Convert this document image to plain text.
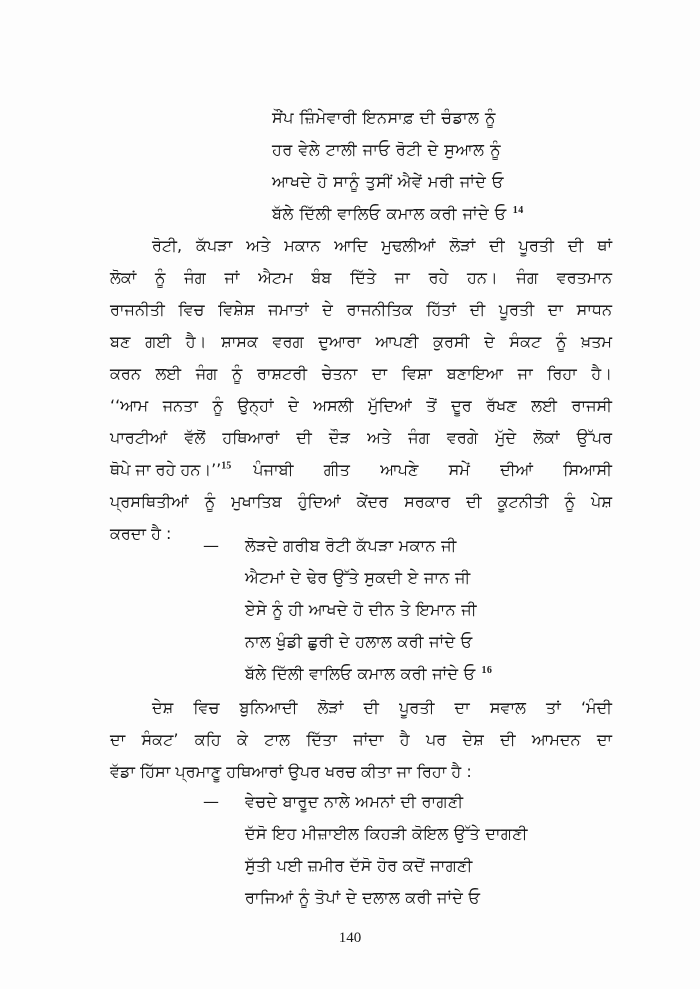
ਸੌਂਪ ਜ਼ਿੰਮੇਵਾਰੀ ਇਨਸਾਫ਼ ਦੀ ਚੰਡਾਲ ਨੂੰ
ਹਰ ਵੇਲੇ ਟਾਲੀ ਜਾਓ ਰੋਟੀ ਦੇ ਸੁਆਲ ਨੂੰ
ਆਖਦੇ ਹੋ ਸਾਨੂੰ ਤੁਸੀਂ ਐਵੇਂ ਮਰੀ ਜਾਂਦੇ ਓ
ਬੱਲੇ ਦਿੱਲੀ ਵਾਲਿਓ ਕਮਾਲ ਕਰੀ ਜਾਂਦੇ ਓ $^{14}$
ਰੋਟੀ, ਕੱਪੜਾ ਅਤੇ ਮਕਾਨ ਆਦਿ ਮੁਢਲੀਆਂ ਲੋੜਾਂ ਦੀ ਪੂਰਤੀ ਦੀ ਥਾਂ
ਲੋਕਾਂ ਨੂੰ ਜੰਗ ਜਾਂ ਐਟਮ ਬੰਬ ਦਿੱਤੇ ਜਾ ਰਹੇ ਹਨ। ਜੰਗ ਵਰਤਮਾਨ
ਰਾਜਨੀਤੀ ਵਿਚ ਵਿਸ਼ੇਸ਼ ਜਮਾਤਾਂ ਦੇ ਰਾਜਨੀਤਿਕ ਹਿੱਤਾਂ ਦੀ ਪੂਰਤੀ ਦਾ ਸਾਧਨ
ਬਣ ਗਈ ਹੈ। ਸ਼ਾਸਕ ਵਰਗ ਦੁਆਰਾ ਆਪਣੀ ਕੁਰਸੀ ਦੇ ਸੰਕਟ ਨੂੰ ਖ਼ਤਮ
ਕਰਨ ਲਈ ਜੰਗ ਨੂੰ ਰਾਸ਼ਟਰੀ ਚੇਤਨਾ ਦਾ ਵਿਸ਼ਾ ਬਣਾਇਆ ਜਾ ਰਿਹਾ ਹੈ।
‘‘ਆਮ ਜਨਤਾ ਨੂੰ ਉਨ੍ਹਾਂ ਦੇ ਅਸਲੀ ਮੁੱਦਿਆਂ ਤੋਂ ਦੂਰ ਰੱਖਣ ਲਈ ਰਾਜਸੀ
ਪਾਰਟੀਆਂ ਵੱਲੋਂ ਹਥਿਆਰਾਂ ਦੀ ਦੌੜ ਅਤੇ ਜੰਗ ਵਰਗੇ ਮੁੱਦੇ ਲੋਕਾਂ ਉੱਪਰ
ਥੋਪੇ ਜਾ ਰਹੇ ਹਨ।’’$^{15}$ ਪੰਜਾਬੀ ਗੀਤ ਆਪਣੇ ਸਮੇਂ ਦੀਆਂ ਸਿਆਸੀ
ਪ੍ਰਸਥਿਤੀਆਂ ਨੂੰ ਮੁਖਾਤਿਬ ਹੁੰਦਿਆਂ ਕੇਂਦਰ ਸਰਕਾਰ ਦੀ ਕੂਟਨੀਤੀ ਨੂੰ ਪੇਸ਼
ਕਰਦਾ ਹੈ :
— ਲੋੜਦੇ ਗਰੀਬ ਰੋਟੀ ਕੱਪੜਾ ਮਕਾਨ ਜੀ
ਐਟਮਾਂ ਦੇ ਢੇਰ ਉੱਤੇ ਸੁਕਦੀ ਏ ਜਾਨ ਜੀ
ਏਸੇ ਨੂੰ ਹੀ ਆਖਦੇ ਹੋ ਦੀਨ ਤੇ ਇਮਾਨ ਜੀ
ਨਾਲ ਖੁੰਡੀ ਛੁਰੀ ਦੇ ਹਲਾਲ ਕਰੀ ਜਾਂਦੇ ਓ
ਬੱਲੇ ਦਿੱਲੀ ਵਾਲਿਓ ਕਮਾਲ ਕਰੀ ਜਾਂਦੇ ਓ $^{16}$
ਦੇਸ਼ ਵਿਚ ਬੁਨਿਆਦੀ ਲੋੜਾਂ ਦੀ ਪੂਰਤੀ ਦਾ ਸਵਾਲ ਤਾਂ ‘ਮੰਦੀ
ਦਾ ਸੰਕਟ’ ਕਹਿ ਕੇ ਟਾਲ ਦਿੱਤਾ ਜਾਂਦਾ ਹੈ ਪਰ ਦੇਸ਼ ਦੀ ਆਮਦਨ ਦਾ
ਵੱਡਾ ਹਿੱਸਾ ਪ੍ਰਮਾਣੂ ਹਥਿਆਰਾਂ ਉਪਰ ਖਰਚ ਕੀਤਾ ਜਾ ਰਿਹਾ ਹੈ :
— ਵੇਚਦੇ ਬਾਰੂਦ ਨਾਲੇ ਅਮਨਾਂ ਦੀ ਰਾਗਣੀ
ਦੱਸੋ ਇਹ ਮੀਜ਼ਾਈਲ ਕਿਹੜੀ ਕੋਇਲ ਉੱਤੇ ਦਾਗਣੀ
ਸੁੱਤੀ ਪਈ ਜ਼ਮੀਰ ਦੱਸੋ ਹੋਰ ਕਦੋਂ ਜਾਗਣੀ
ਰਾਜਿਆਂ ਨੂੰ ਤੋਪਾਂ ਦੇ ਦਲਾਲ ਕਰੀ ਜਾਂਦੇ ਓ
140
